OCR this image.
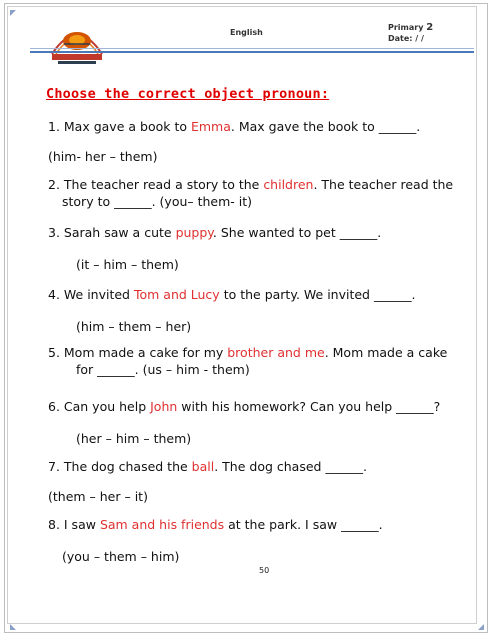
English
Primary 2
Date: / /
Choose the correct object pronoun:
1. Max gave a book to Emma. Max gave the book to ______.
(him- her – them)
2. The teacher read a story to the children. The teacher read the
story to ______. (you– them- it)
3. Sarah saw a cute puppy. She wanted to pet ______.
(it – him – them)
4. We invited Tom and Lucy to the party. We invited ______.
(him – them – her)
5. Mom made a cake for my brother and me. Mom made a cake
for ______. (us – him - them)
6. Can you help John with his homework? Can you help ______?
(her – him – them)
7. The dog chased the ball. The dog chased ______.
(them – her – it)
8. I saw Sam and his friends at the park. I saw ______.
(you – them – him)
50
